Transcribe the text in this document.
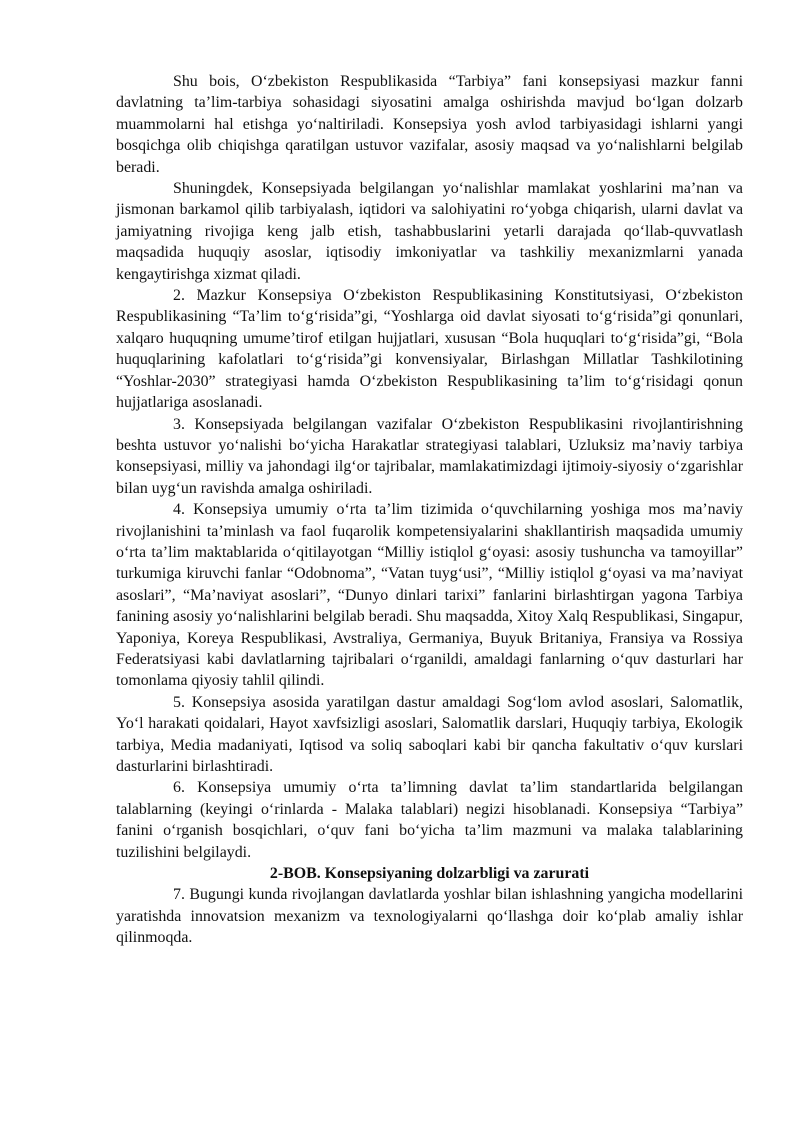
Shu bois, O‘zbekiston Respublikasida “Tarbiya” fani konsepsiyasi mazkur fanni davlatning ta’lim-tarbiya sohasidagi siyosatini amalga oshirishda mavjud bo‘lgan dolzarb muammolarni hal etishga yo‘naltiriladi. Konsepsiya yosh avlod tarbiyasidagi ishlarni yangi bosqichga olib chiqishga qaratilgan ustuvor vazifalar, asosiy maqsad va yo‘nalishlarni belgilab beradi.

Shuningdek, Konsepsiyada belgilangan yo‘nalishlar mamlakat yoshlarini ma’nan va jismonan barkamol qilib tarbiyalash, iqtidori va salohiyatini ro‘yobga chiqarish, ularni davlat va jamiyatning rivojiga keng jalb etish, tashabbuslarini yetarli darajada qo‘llab-quvvatlash maqsadida huquqiy asoslar, iqtisodiy imkoniyatlar va tashkiliy mexanizmlarni yanada kengaytirishga xizmat qiladi.

2. Mazkur Konsepsiya O‘zbekiston Respublikasining Konstitutsiyasi, O‘zbekiston Respublikasining “Ta’lim to‘g‘risida”gi, “Yoshlarga oid davlat siyosati to‘g‘risida”gi qonunlari, xalqaro huquqning umume’tirof etilgan hujjatlari, xususan “Bola huquqlari to‘g‘risida”gi, “Bola huquqlarining kafolatlari to‘g‘risida”gi konvensiyalar, Birlashgan Millatlar Tashkilotining “Yoshlar-2030” strategiyasi hamda O‘zbekiston Respublikasining ta’lim to‘g‘risidagi qonun hujjatlariga asoslanadi.

3. Konsepsiyada belgilangan vazifalar O‘zbekiston Respublikasini rivojlantirishning beshta ustuvor yo‘nalishi bo‘yicha Harakatlar strategiyasi talablari, Uzluksiz ma’naviy tarbiya konsepsiyasi, milliy va jahondagi ilg‘or tajribalar, mamlakatimizdagi ijtimoiy-siyosiy o‘zgarishlar bilan uyg‘un ravishda amalga oshiriladi.

4. Konsepsiya umumiy o‘rta ta’lim tizimida o‘quvchilarning yoshiga mos ma’naviy rivojlanishini ta’minlash va faol fuqarolik kompetensiyalarini shakllantirish maqsadida umumiy o‘rta ta’lim maktablarida o‘qitilayotgan “Milliy istiqlol g‘oyasi: asosiy tushuncha va tamoyillar” turkumiga kiruvchi fanlar “Odobnoma”, “Vatan tuyg‘usi”, “Milliy istiqlol g‘oyasi va ma’naviyat asoslari”, “Ma’naviyat asoslari”, “Dunyo dinlari tarixi” fanlarini birlashtirgan yagona Tarbiya fanining asosiy yo‘nalishlarini belgilab beradi. Shu maqsadda, Xitoy Xalq Respublikasi, Singapur, Yaponiya, Koreya Respublikasi, Avstraliya, Germaniya, Buyuk Britaniya, Fransiya va Rossiya Federatsiyasi kabi davlatlarning tajribalari o‘rganildi, amaldagi fanlarning o‘quv dasturlari har tomonlama qiyosiy tahlil qilindi.

5. Konsepsiya asosida yaratilgan dastur amaldagi Sog‘lom avlod asoslari, Salomatlik, Yo‘l harakati qoidalari, Hayot xavfsizligi asoslari, Salomatlik darslari, Huquqiy tarbiya, Ekologik tarbiya, Media madaniyati, Iqtisod va soliq saboqlari kabi bir qancha fakultativ o‘quv kurslari dasturlarini birlashtiradi.

6. Konsepsiya umumiy o‘rta ta’limning davlat ta’lim standartlarida belgilangan talablarning (keyingi o‘rinlarda - Malaka talablari) negizi hisoblanadi. Konsepsiya “Tarbiya” fanini o‘rganish bosqichlari, o‘quv fani bo‘yicha ta’lim mazmuni va malaka talablarining tuzilishini belgilaydi.

2-BOB. Konsepsiyaning dolzarbligi va zarurati

7. Bugungi kunda rivojlangan davlatlarda yoshlar bilan ishlashning yangicha modellarini yaratishda innovatsion mexanizm va texnologiyalarni qo‘llashga doir ko‘plab amaliy ishlar qilinmoqda.
